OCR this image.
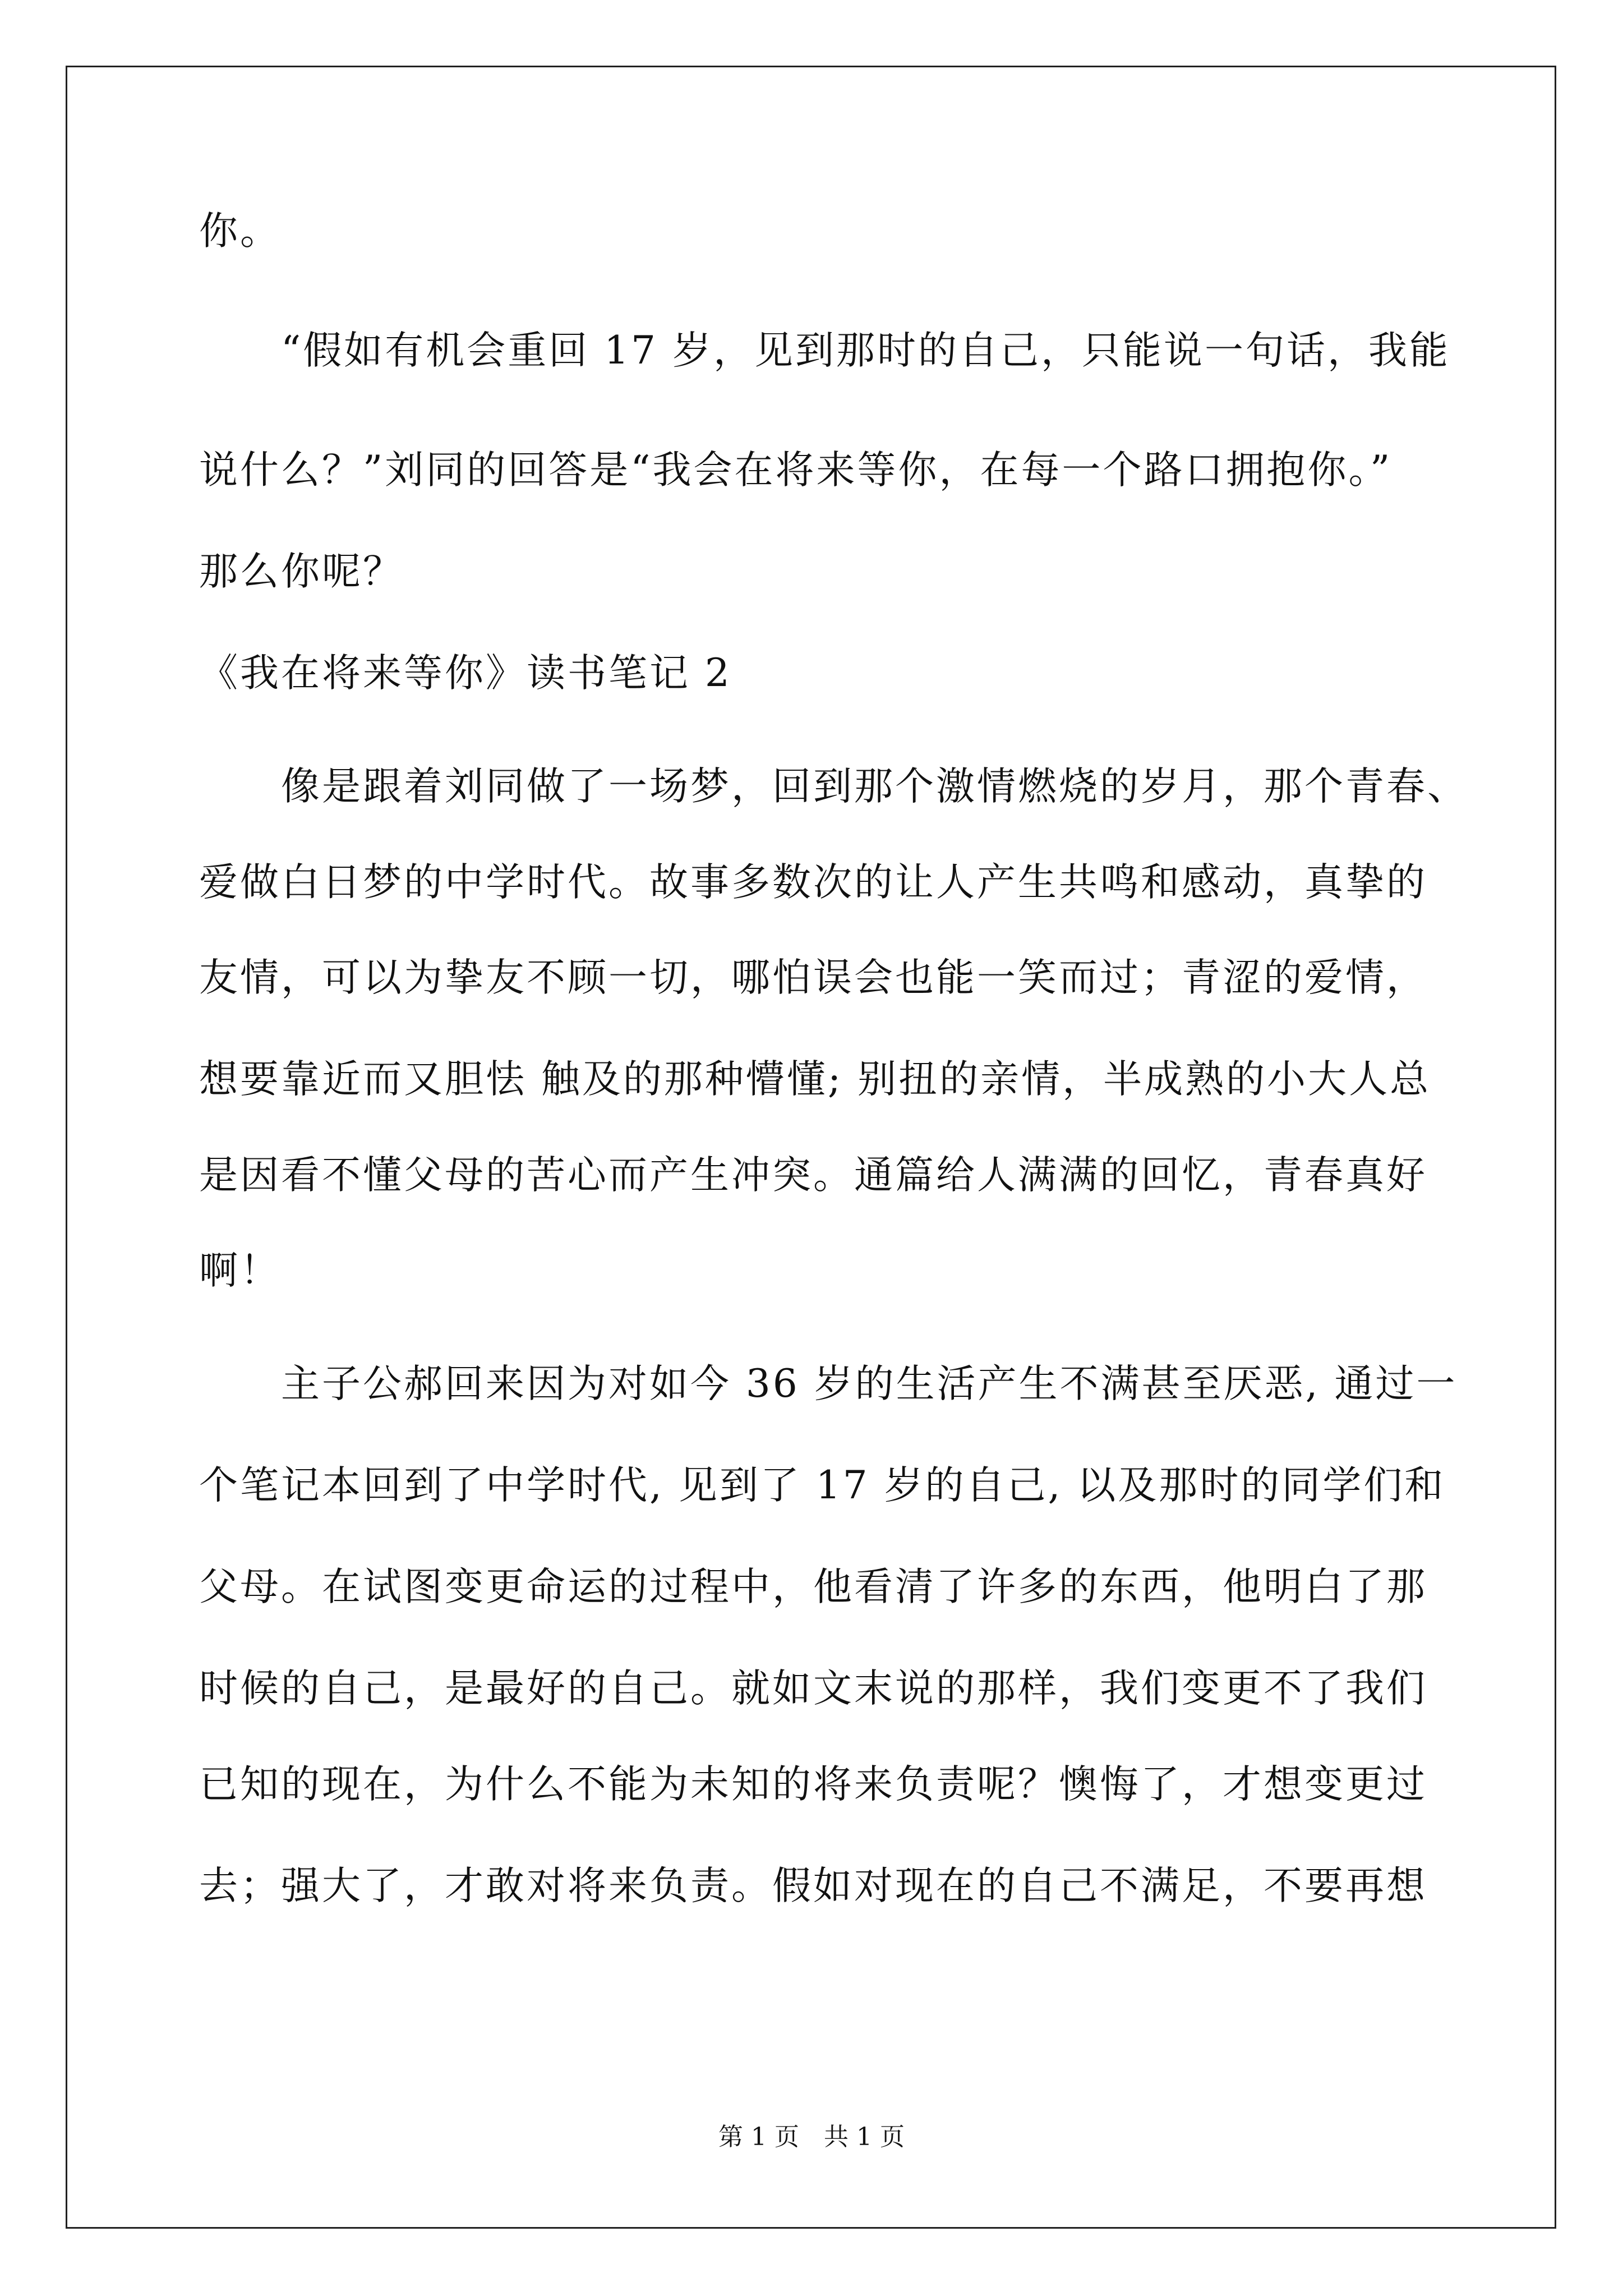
你。
　　“假如有机会重回 17 岁，见到那时的自己，只能说一句话，我能
说什么？”刘同的回答是“我会在将来等你，在每一个路口拥抱你。”
那么你呢？
《我在将来等你》读书笔记 2
　　像是跟着刘同做了一场梦，回到那个激情燃烧的岁月，那个青春、
爱做白日梦的中学时代。故事多数次的让人产生共鸣和感动，真挚的
友情，可以为挚友不顾一切，哪怕误会也能一笑而过；青涩的爱情，
想要靠近而又胆怯 触及的那种懵懂; 别扭的亲情，半成熟的小大人总
是因看不懂父母的苦心而产生冲突。通篇给人满满的回忆，青春真好
啊！
　　主子公郝回来因为对如今 36 岁的生活产生不满甚至厌恶, 通过一
个笔记本回到了中学时代, 见到了 17 岁的自己, 以及那时的同学们和
父母。在试图变更命运的过程中，他看清了许多的东西，他明白了那
时候的自己，是最好的自己。就如文末说的那样，我们变更不了我们
已知的现在，为什么不能为未知的将来负责呢？懊悔了，才想变更过
去；强大了，才敢对将来负责。假如对现在的自己不满足，不要再想
第 1 页　共 1 页
